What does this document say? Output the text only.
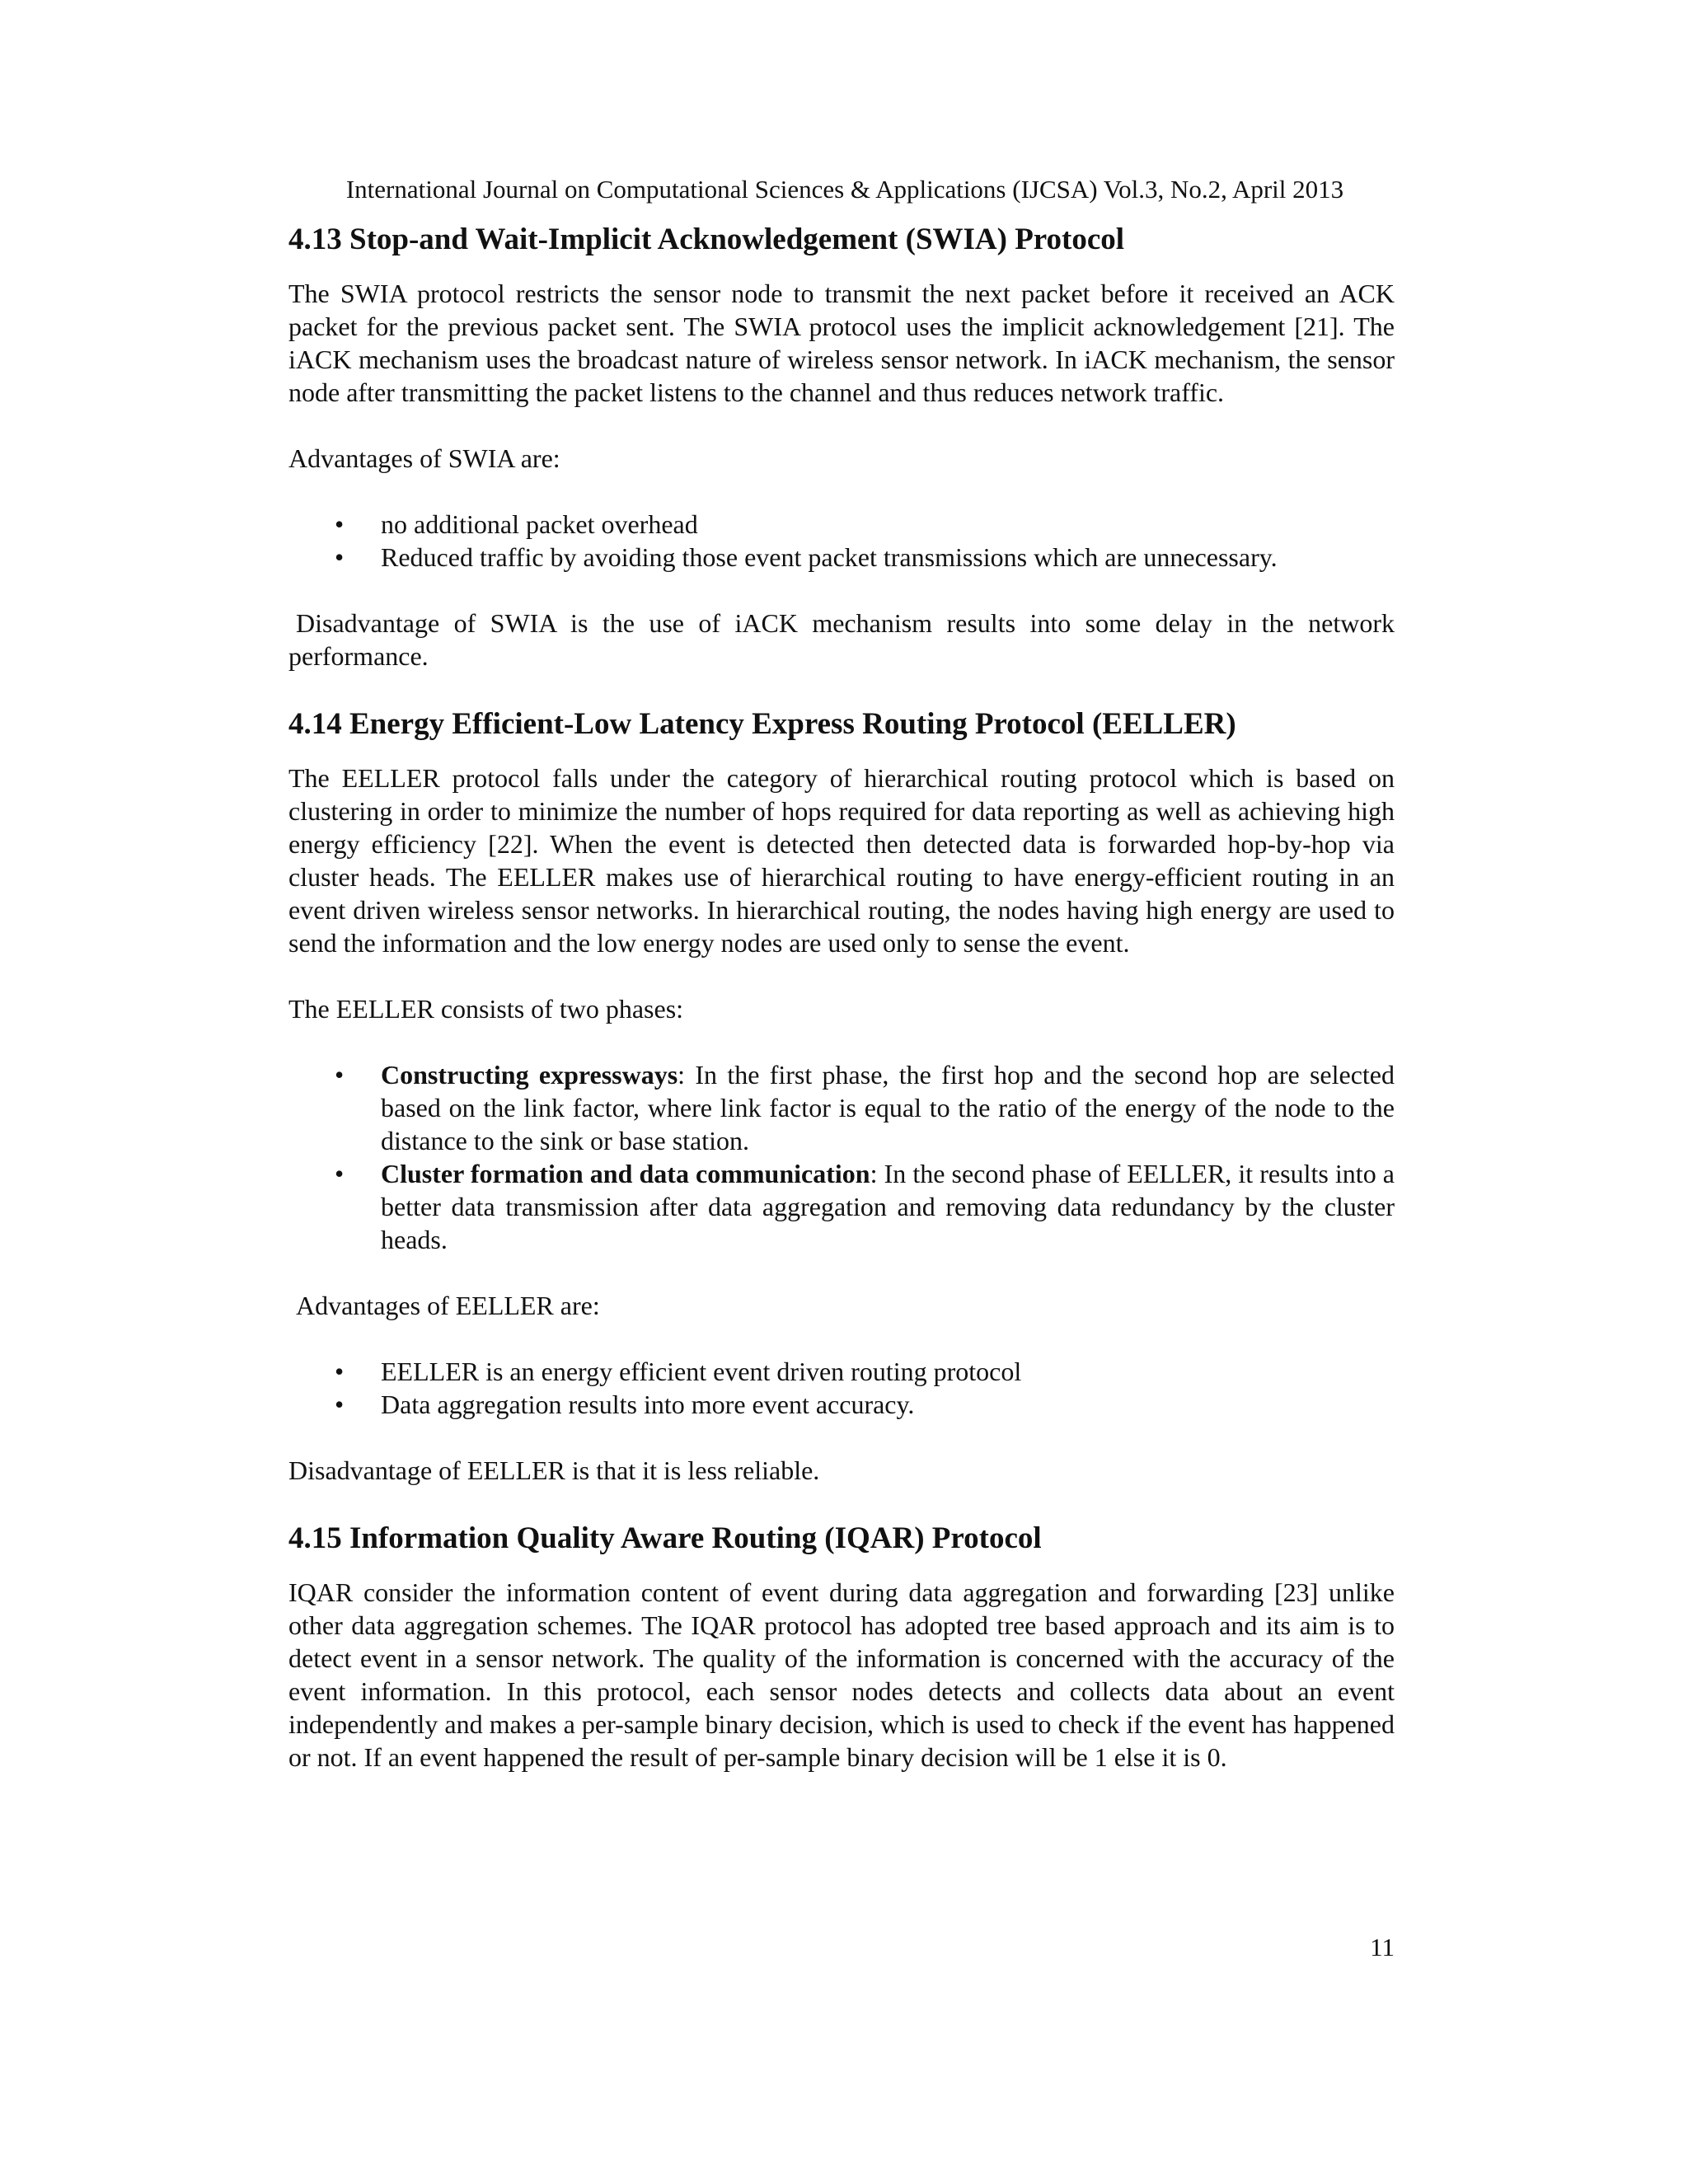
International Journal on Computational Sciences & Applications (IJCSA) Vol.3, No.2, April 2013
4.13 Stop-and Wait-Implicit Acknowledgement (SWIA) Protocol

The SWIA protocol restricts the sensor node to transmit the next packet before it received an ACK packet for the previous packet sent. The SWIA protocol uses the implicit acknowledgement [21]. The iACK mechanism uses the broadcast nature of wireless sensor network. In iACK mechanism, the sensor node after transmitting the packet listens to the channel and thus reduces network traffic.

Advantages of SWIA are:

• no additional packet overhead
• Reduced traffic by avoiding those event packet transmissions which are unnecessary.

Disadvantage of SWIA is the use of iACK mechanism results into some delay in the network performance.

4.14 Energy Efficient-Low Latency Express Routing Protocol (EELLER)

The EELLER protocol falls under the category of hierarchical routing protocol which is based on clustering in order to minimize the number of hops required for data reporting as well as achieving high energy efficiency [22]. When the event is detected then detected data is forwarded hop-by-hop via cluster heads. The EELLER makes use of hierarchical routing to have energy-efficient routing in an event driven wireless sensor networks. In hierarchical routing, the nodes having high energy are used to send the information and the low energy nodes are used only to sense the event.

The EELLER consists of two phases:

• Constructing expressways: In the first phase, the first hop and the second hop are selected based on the link factor, where link factor is equal to the ratio of the energy of the node to the distance to the sink or base station.
• Cluster formation and data communication: In the second phase of EELLER, it results into a better data transmission after data aggregation and removing data redundancy by the cluster heads.

Advantages of EELLER are:

• EELLER is an energy efficient event driven routing protocol
• Data aggregation results into more event accuracy.

Disadvantage of EELLER is that it is less reliable.

4.15 Information Quality Aware Routing (IQAR) Protocol

IQAR consider the information content of event during data aggregation and forwarding [23] unlike other data aggregation schemes. The IQAR protocol has adopted tree based approach and its aim is to detect event in a sensor network. The quality of the information is concerned with the accuracy of the event information. In this protocol, each sensor nodes detects and collects data about an event independently and makes a per-sample binary decision, which is used to check if the event has happened or not. If an event happened the result of per-sample binary decision will be 1 else it is 0.

11
